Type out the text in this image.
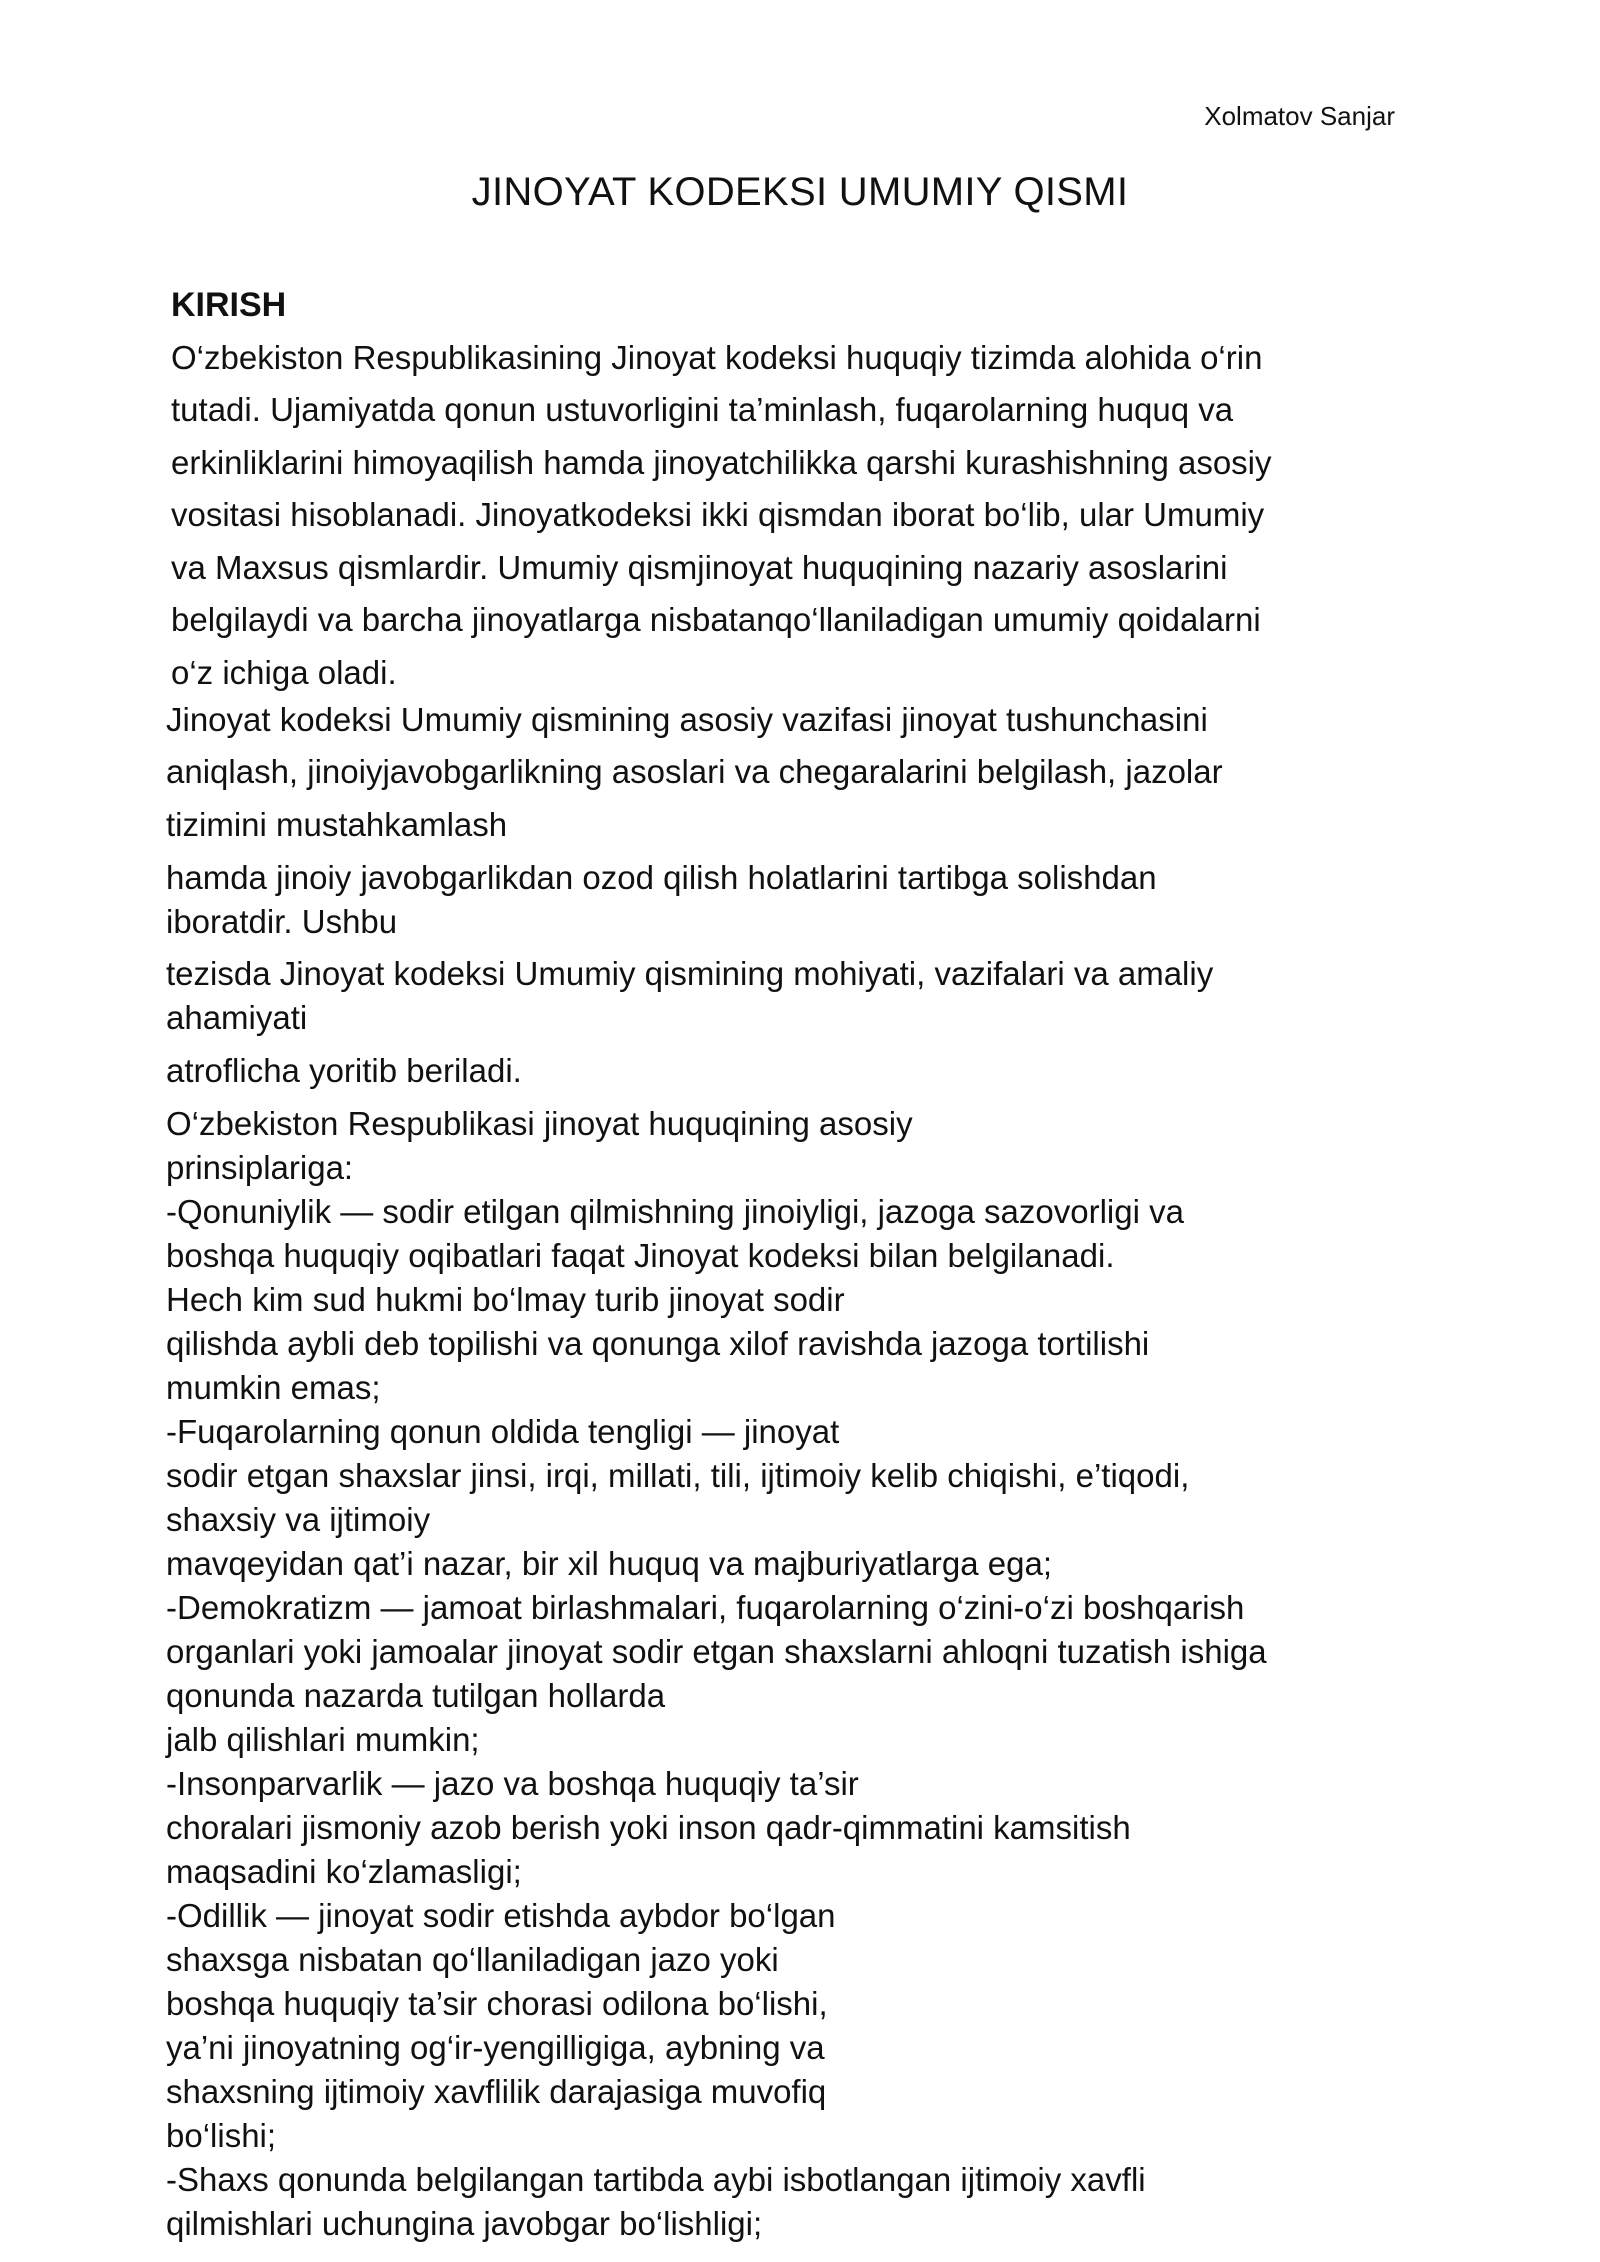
Xolmatov Sanjar
JINOYAT KODEKSI UMUMIY QISMI
KIRISH
O‘zbekiston Respublikasining Jinoyat kodeksi huquqiy tizimda alohida o‘rin
tutadi. Ujamiyatda qonun ustuvorligini ta’minlash, fuqarolarning huquq va
erkinliklarini himoyaqilish hamda jinoyatchilikka qarshi kurashishning asosiy
vositasi hisoblanadi. Jinoyatkodeksi ikki qismdan iborat bo‘lib, ular Umumiy
va Maxsus qismlardir. Umumiy qismjinoyat huquqining nazariy asoslarini
belgilaydi va barcha jinoyatlarga nisbatanqo‘llaniladigan umumiy qoidalarni
o‘z ichiga oladi.
Jinoyat kodeksi Umumiy qismining asosiy vazifasi jinoyat tushunchasini
aniqlash, jinoiyjavobgarlikning asoslari va chegaralarini belgilash, jazolar
tizimini mustahkamlash
hamda jinoiy javobgarlikdan ozod qilish holatlarini tartibga solishdan
iboratdir. Ushbu
tezisda Jinoyat kodeksi Umumiy qismining mohiyati, vazifalari va amaliy
ahamiyati
atroflicha yoritib beriladi.
O‘zbekiston Respublikasi jinoyat huquqining asosiy
prinsiplariga:
-Qonuniylik — sodir etilgan qilmishning jinoiyligi, jazoga sazovorligi va
boshqa huquqiy oqibatlari faqat Jinoyat kodeksi bilan belgilanadi.
Hech kim sud hukmi bo‘lmay turib jinoyat sodir
qilishda aybli deb topilishi va qonunga xilof ravishda jazoga tortilishi
mumkin emas;
-Fuqarolarning qonun oldida tengligi — jinoyat
sodir etgan shaxslar jinsi, irqi, millati, tili, ijtimoiy kelib chiqishi, e’tiqodi,
shaxsiy va ijtimoiy
mavqeyidan qat’i nazar, bir xil huquq va majburiyatlarga ega;
-Demokratizm — jamoat birlashmalari, fuqarolarning o‘zini-o‘zi boshqarish
organlari yoki jamoalar jinoyat sodir etgan shaxslarni ahloqni tuzatish ishiga
qonunda nazarda tutilgan hollarda
jalb qilishlari mumkin;
-Insonparvarlik — jazo va boshqa huquqiy ta’sir
choralari jismoniy azob berish yoki inson qadr-qimmatini kamsitish
maqsadini ko‘zlamasligi;
-Odillik — jinoyat sodir etishda aybdor bo‘lgan
shaxsga nisbatan qo‘llaniladigan jazo yoki
boshqa huquqiy ta’sir chorasi odilona bo‘lishi,
ya’ni jinoyatning og‘ir-yengilligiga, aybning va
shaxsning ijtimoiy xavflilik darajasiga muvofiq
bo‘lishi;
-Shaxs qonunda belgilangan tartibda aybi isbotlangan ijtimoiy xavfli
qilmishlari uchungina javobgar bo‘lishligi;
